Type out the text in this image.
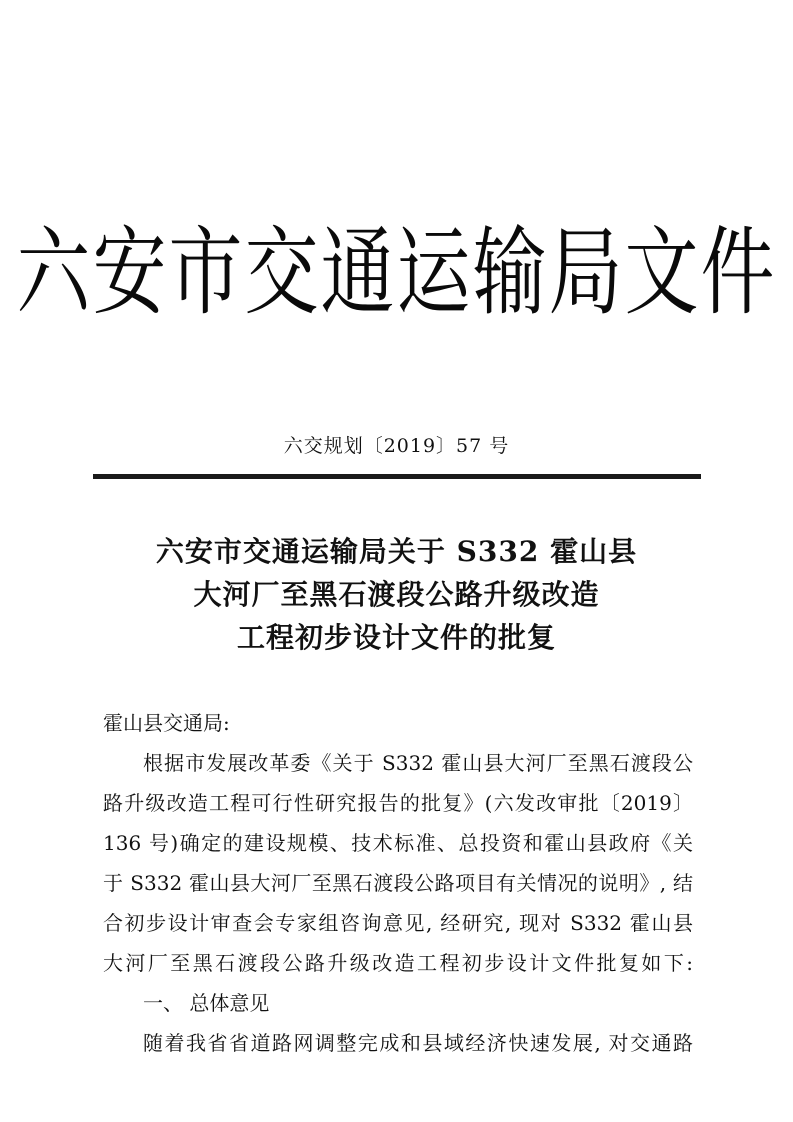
六安市交通运输局文件
六交规划〔2019〕57 号
六安市交通运输局关于 S332 霍山县
大河厂至黑石渡段公路升级改造
工程初步设计文件的批复
霍山县交通局:
根据市发展改革委《关于 S332 霍山县大河厂至黑石渡段公
路升级改造工程可行性研究报告的批复》(六发改审批〔2019〕
136 号)确定的建设规模、技术标准、总投资和霍山县政府《关
于 S332 霍山县大河厂至黑石渡段公路项目有关情况的说明》, 结
合初步设计审查会专家组咨询意见, 经研究, 现对 S332 霍山县
大河厂至黑石渡段公路升级改造工程初步设计文件批复如下:
一、 总体意见
随着我省省道路网调整完成和县域经济快速发展, 对交通路
